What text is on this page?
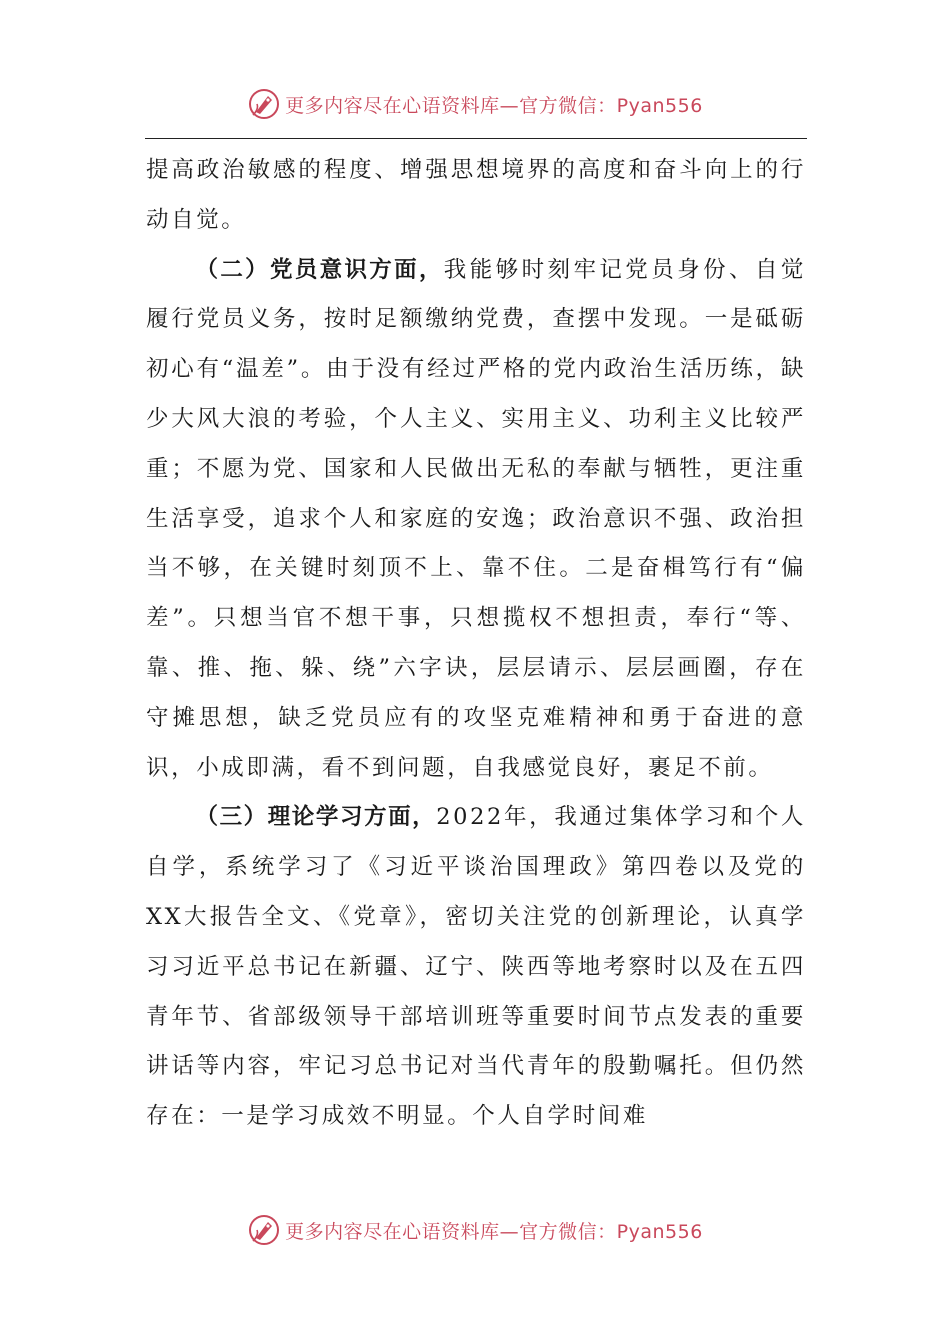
更多内容尽在心语资料库—官方微信：Pyan556

提高政治敏感的程度、增强思想境界的高度和奋斗向上的行动自觉。

（二）党员意识方面，我能够时刻牢记党员身份、自觉履行党员义务，按时足额缴纳党费，查摆中发现。一是砥砺初心有“温差”。由于没有经过严格的党内政治生活历练，缺少大风大浪的考验，个人主义、实用主义、功利主义比较严重；不愿为党、国家和人民做出无私的奉献与牺牲，更注重生活享受，追求个人和家庭的安逸；政治意识不强、政治担当不够，在关键时刻顶不上、靠不住。二是奋楫笃行有“偏差”。只想当官不想干事，只想揽权不想担责，奉行“等、靠、推、拖、躲、绕”六字诀，层层请示、层层画圈，存在守摊思想，缺乏党员应有的攻坚克难精神和勇于奋进的意识，小成即满，看不到问题，自我感觉良好，裹足不前。

（三）理论学习方面，2022年，我通过集体学习和个人自学，系统学习了《习近平谈治国理政》第四卷以及党的XX大报告全文、《党章》，密切关注党的创新理论，认真学习习近平总书记在新疆、辽宁、陕西等地考察时以及在五四青年节、省部级领导干部培训班等重要时间节点发表的重要讲话等内容，牢记习总书记对当代青年的殷勤嘱托。但仍然存在：一是学习成效不明显。个人自学时间难

更多内容尽在心语资料库—官方微信：Pyan556
